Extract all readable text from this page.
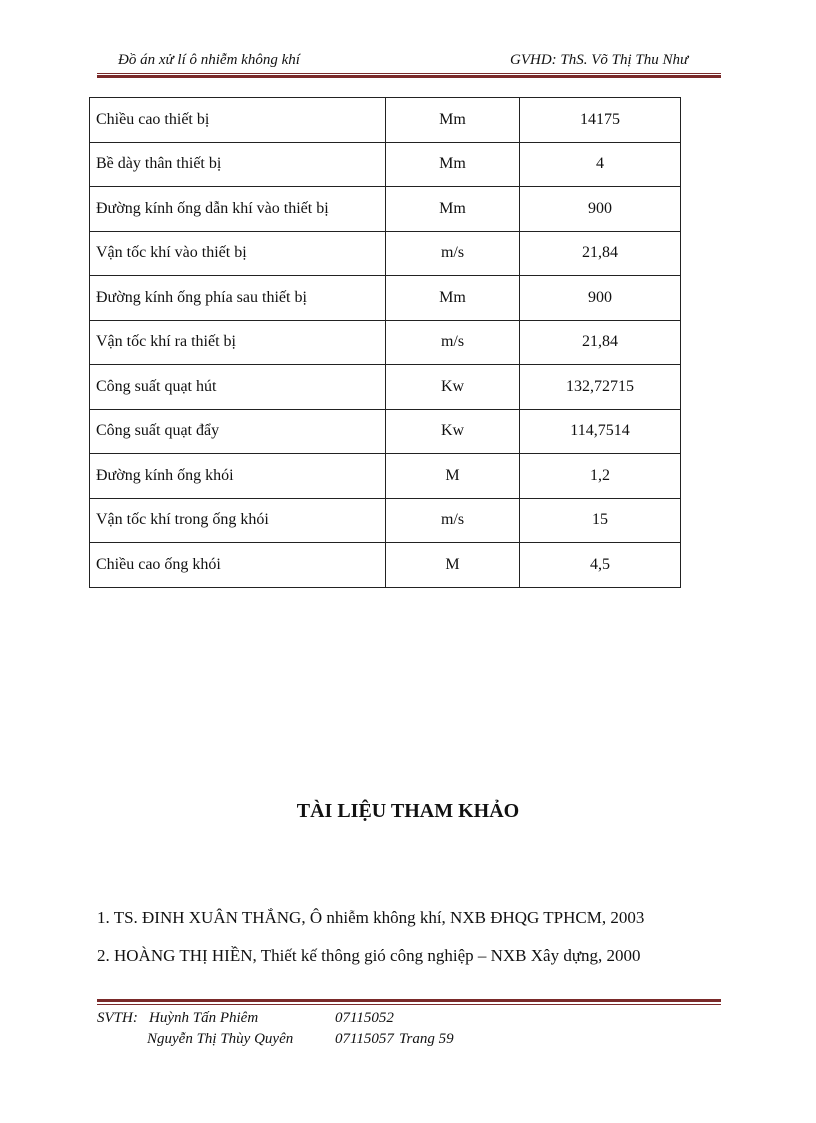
Đồ án xử lí ô nhiễm không khí	GVHD: ThS. Võ Thị Thu Như
Chiều cao thiết bị	Mm	14175
Bề dày thân thiết bị	Mm	4
Đường kính ống dẫn khí vào thiết bị	Mm	900
Vận tốc khí vào thiết bị	m/s	21,84
Đường kính ống phía sau thiết bị	Mm	900
Vận tốc khí ra thiết bị	m/s	21,84
Công suất quạt hút	Kw	132,72715
Công suất quạt đẩy	Kw	114,7514
Đường kính ống khói	M	1,2
Vận tốc khí trong ống khói	m/s	15
Chiều cao ống khói	M	4,5
TÀI LIỆU THAM KHẢO
1. TS. ĐINH XUÂN THẮNG, Ô nhiễm không khí, NXB ĐHQG TPHCM, 2003
2. HOÀNG THỊ HIỀN, Thiết kế thông gió công nghiệp – NXB Xây dựng, 2000
SVTH: Huỳnh Tấn Phiêm	07115052
Nguyễn Thị Thùy Quyên	07115057 Trang 59
